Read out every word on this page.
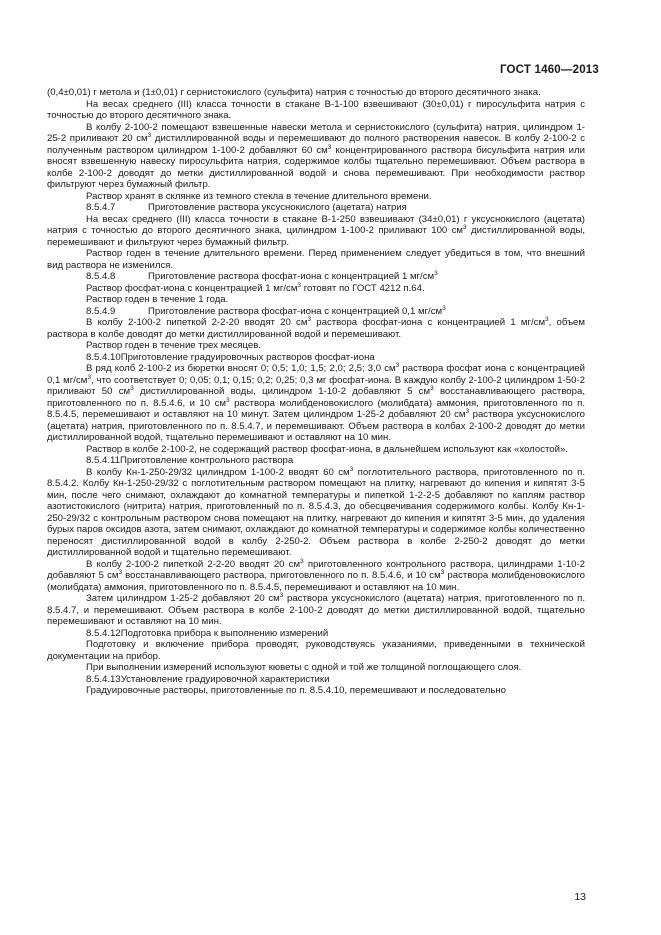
ГОСТ 1460—2013

(0,4±0,01) г метола и (1±0,01) г сернистокислого (сульфита) натрия с точностью до второго десятичного знака.

На весах среднего (III) класса точности в стакане В-1-100 взвешивают (30±0,01) г пиросульфита натрия с точностью до второго десятичного знака.

В колбу 2-100-2 помещают взвешенные навески метола и сернистокислого (сульфита) натрия, цилиндром 1-25-2 приливают 20 $см^3$ дистиллированной воды и перемешивают до полного растворения навесок. В колбу 2-100-2 с полученным раствором цилиндром 1-100-2 добавляют 60 $см^3$ концентрированного раствора бисульфита натрия или вносят взвешенную навеску пиросульфита натрия, содержимое колбы тщательно перемешивают. Объем раствора в колбе 2-100-2 доводят до метки дистиллированной водой и снова перемешивают. При необходимости раствор фильтруют через бумажный фильтр.

Раствор хранят в склянке из темного стекла в течение длительного времени.

8.5.4.7	Приготовление раствора уксуснокислого (ацетата) натрия

На весах среднего (III) класса точности в стакане В-1-250 взвешивают (34±0,01) г уксуснокислого (ацетата) натрия с точностью до второго десятичного знака, цилиндром 1-100-2 приливают 100 $см^3$ дистиллированной воды, перемешивают и фильтруют через бумажный фильтр.

Раствор годен в течение длительного времени. Перед применением следует убедиться в том, что внешний вид раствора не изменился.

8.5.4.8	Приготовление раствора фосфат-иона с концентрацией 1 $мг/см^3$

Раствор фосфат-иона с концентрацией 1 $мг/см^3$ готовят по ГОСТ 4212 п.64.

Раствор годен в течение 1 года.

8.5.4.9	Приготовление раствора фосфат-иона с концентрацией 0,1 $мг/см^3$

В колбу 2-100-2 пипеткой 2-2-20 вводят 20 $см^3$ раствора фосфат-иона с концентрацией 1 $мг/см^3$, объем раствора в колбе доводят до метки дистиллированной водой и перемешивают.

Раствор годен в течение трех месяцев.

8.5.4.10Приготовление градуировочных растворов фосфат-иона

В ряд колб 2-100-2 из бюретки вносят 0; 0,5; 1,0; 1,5; 2,0; 2,5; 3,0 $см^3$ раствора фосфат иона с концентрацией 0,1 $мг/см^3$, что соответствует 0; 0,05; 0,1; 0,15; 0,2; 0,25; 0,3 мг фосфат-иона. В каждую колбу 2-100-2 цилиндром 1-50-2 приливают 50 $см^3$ дистиллированной воды, цилиндром 1-10-2 добавляют 5 $см^3$ восстанавливающего раствора, приготовленного по п. 8.5.4.6, и 10 $см^3$ раствора молибденовокислого (молибдата) аммония, приготовленного по п. 8.5.4.5, перемешивают и оставляют на 10 минут. Затем цилиндром 1-25-2 добавляют 20 $см^3$ раствора уксуснокислого (ацетата) натрия, приготовленного по п. 8.5.4.7, и перемешивают. Объем раствора в колбах 2-100-2 доводят до метки дистиллированной водой, тщательно перемешивают и оставляют на 10 мин.

Раствор в колбе 2-100-2, не содержащий раствор фосфат-иона, в дальнейшем используют как «холостой».

8.5.4.11Приготовление контрольного раствора

В колбу Кн-1-250-29/32 цилиндром 1-100-2 вводят 60 $см^3$ поглотительного раствора, приготовленного по п. 8.5.4.2. Колбу Кн-1-250-29/32 с поглотительным раствором помещают на плитку, нагревают до кипения и кипятят 3-5 мин, после чего снимают, охлаждают до комнатной температуры и пипеткой 1-2-2-5 добавляют по каплям раствор азотистокислого (нитрита) натрия, приготовленный по п. 8.5.4.3, до обесцвечивания содержимого колбы. Колбу Кн-1-250-29/32 с контрольным раствором снова помещают на плитку, нагревают до кипения и кипятят 3-5 мин, до удаления бурых паров оксидов азота, затем снимают, охлаждают до комнатной температуры и содержимое колбы количественно переносят дистиллированной водой в колбу 2-250-2. Объем раствора в колбе 2-250-2 доводят до метки дистиллированной водой и тщательно перемешивают.

В колбу 2-100-2 пипеткой 2-2-20 вводят 20 $см^3$ приготовленного контрольного раствора, цилиндрами 1-10-2 добавляют 5 $см^3$ восстанавливающего раствора, приготовленного по п. 8.5.4.6, и 10 $см^3$ раствора молибденовокислого (молибдата) аммония, приготовленного по п. 8.5.4.5, перемешивают и оставляют на 10 мин.

Затем цилиндром 1-25-2 добавляют 20 $см^3$ раствора уксуснокислого (ацетата) натрия, приготовленного по п. 8.5.4.7, и перемешивают. Объем раствора в колбе 2-100-2 доводят до метки дистиллированной водой, тщательно перемешивают и оставляют на 10 мин.

8.5.4.12Подготовка прибора к выполнению измерений

Подготовку и включение прибора проводят, руководствуясь указаниями, приведенными в технической документации на прибор.

При выполнении измерений используют кюветы с одной и той же толщиной поглощающего слоя.

8.5.4.13Установление градуировочной характеристики

Градуировочные растворы, приготовленные по п. 8.5.4.10, перемешивают и последовательно

13
